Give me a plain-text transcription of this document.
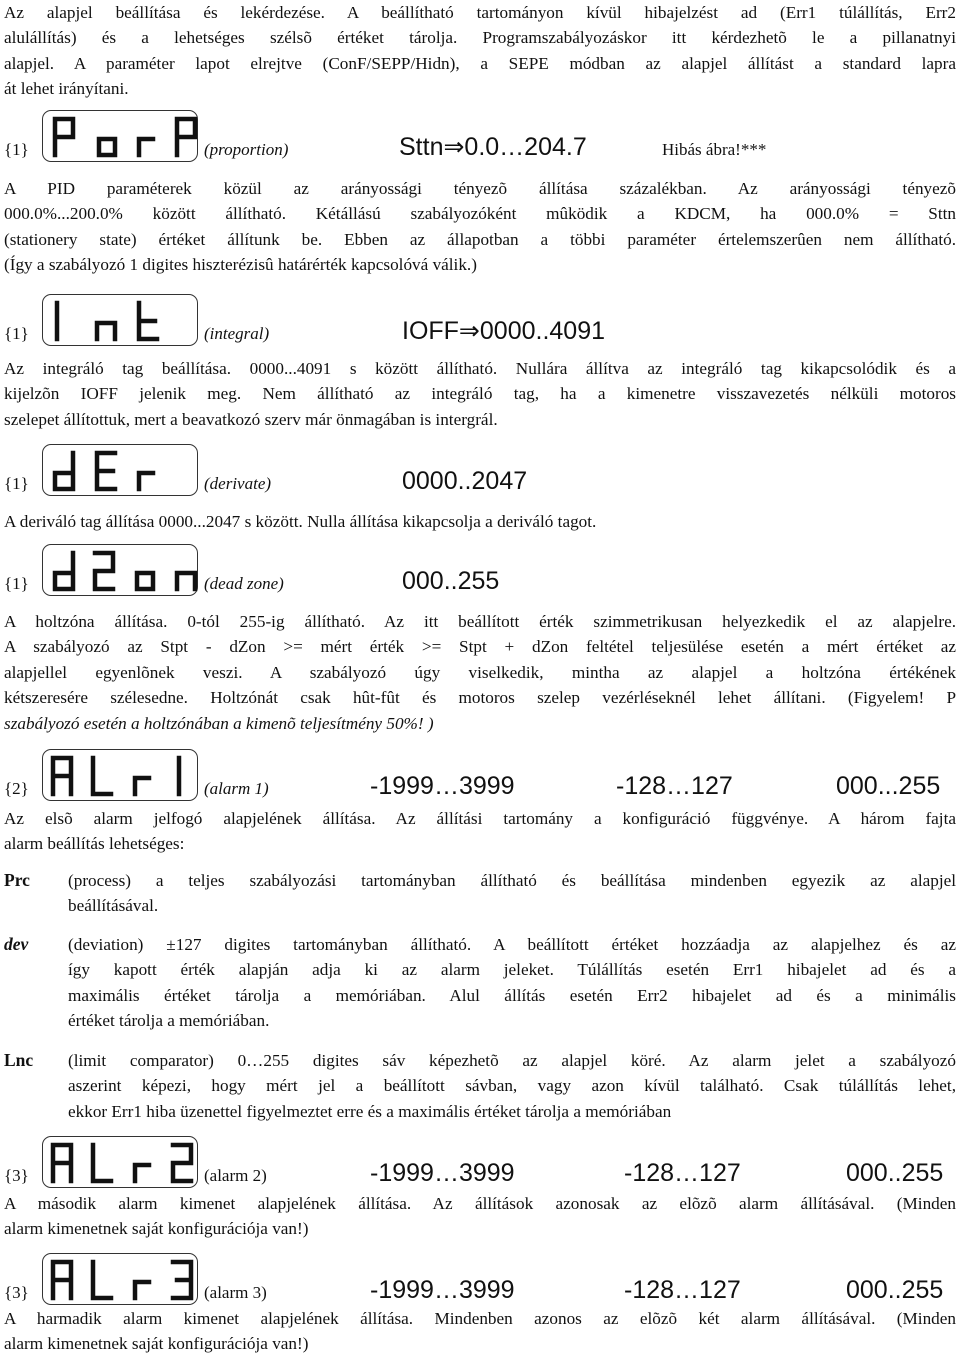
Az alapjel beállítása és lekérdezése. A beállítható tartományon kívül hibajelzést ad (Err1 túlállítás, Err2
alulállítás) és a lehetséges szélsõ értéket tárolja. Programszabályozáskor itt kérdezhetõ le a pillanatnyi
alapjel. A paraméter lapot elrejtve (ConF/SEPP/Hidn), a SEPE módban az alapjel állítást a standard lapra
át lehet irányítani.
{1}	(proportion)	Sttn⇒0.0…204.7	Hibás ábra!***
A PID paraméterek közül az arányossági tényezõ állítása százalékban. Az arányossági tényezõ
000.0%...200.0% között állítható. Kétállású szabályozóként mûködik a KDCM, ha 000.0% = Sttn
(stationery state) értéket állítunk be. Ebben az állapotban a többi paraméter értelemszerûen nem állítható.
(Így a szabályozó 1 digites hiszterézisû határérték kapcsolóvá válik.)
{1}	(integral)	IOFF⇒0000..4091
Az integráló tag beállítása. 0000...4091 s között állítható. Nullára állítva az integráló tag kikapcsolódik és a
kijelzõn IOFF jelenik meg. Nem állítható az integráló tag, ha a kimenetre visszavezetés nélküli motoros
szelepet állítottuk, mert a beavatkozó szerv már önmagában is intergrál.
{1}	(derivate)	0000..2047
A deriváló tag állítása 0000...2047 s között. Nulla állítása kikapcsolja a deriváló tagot.
{1}	(dead zone)	000..255
A holtzóna állítása. 0-tól 255-ig állítható. Az itt beállított érték szimmetrikusan helyezkedik el az alapjelre.
A szabályozó az Stpt - dZon >= mért érték >= Stpt + dZon feltétel teljesülése esetén a mért értéket az
alapjellel egyenlõnek veszi. A szabályozó úgy viselkedik, mintha az alapjel a holtzóna értékének
kétszeresére szélesedne. Holtzónát csak hût-fût és motoros szelep vezérléseknél lehet állítani. (Figyelem! P
szabályozó esetén a holtzónában a kimenõ teljesítmény 50%! )
{2}	(alarm 1)	-1999…3999	-128…127	000...255
Az elsõ alarm jelfogó alapjelének állítása. Az állítási tartomány a konfiguráció függvénye. A három fajta
alarm beállítás lehetséges:
Prc (process) a teljes szabályozási tartományban állítható és beállítása mindenben egyezik az alapjel
beállításával.
dev (deviation) ±127 digites tartományban állítható. A beállított értéket hozzáadja az alapjelhez és az
így kapott érték alapján adja ki az alarm jeleket. Túlállítás esetén Err1 hibajelet ad és a
maximális értéket tárolja a memóriában. Alul állítás esetén Err2 hibajelet ad és a minimális
értéket tárolja a memóriában.
Lnc (limit comparator) 0…255 digites sáv képezhetõ az alapjel köré. Az alarm jelet a szabályozó
aszerint képezi, hogy mért jel a beállított sávban, vagy azon kívül található. Csak túlállítás lehet,
ekkor Err1 hiba üzenettel figyelmeztet erre és a maximális értéket tárolja a memóriában
{3}	(alarm 2)	-1999…3999	-128…127	000..255
A második alarm kimenet alapjelének állítása. Az állítások azonosak az elõzõ alarm állításával. (Minden
alarm kimenetnek saját konfigurációja van!)
{3}	(alarm 3)	-1999…3999	-128…127	000..255
A harmadik alarm kimenet alapjelének állítása. Mindenben azonos az elõzõ két alarm állításával. (Minden
alarm kimenetnek saját konfigurációja van!)
